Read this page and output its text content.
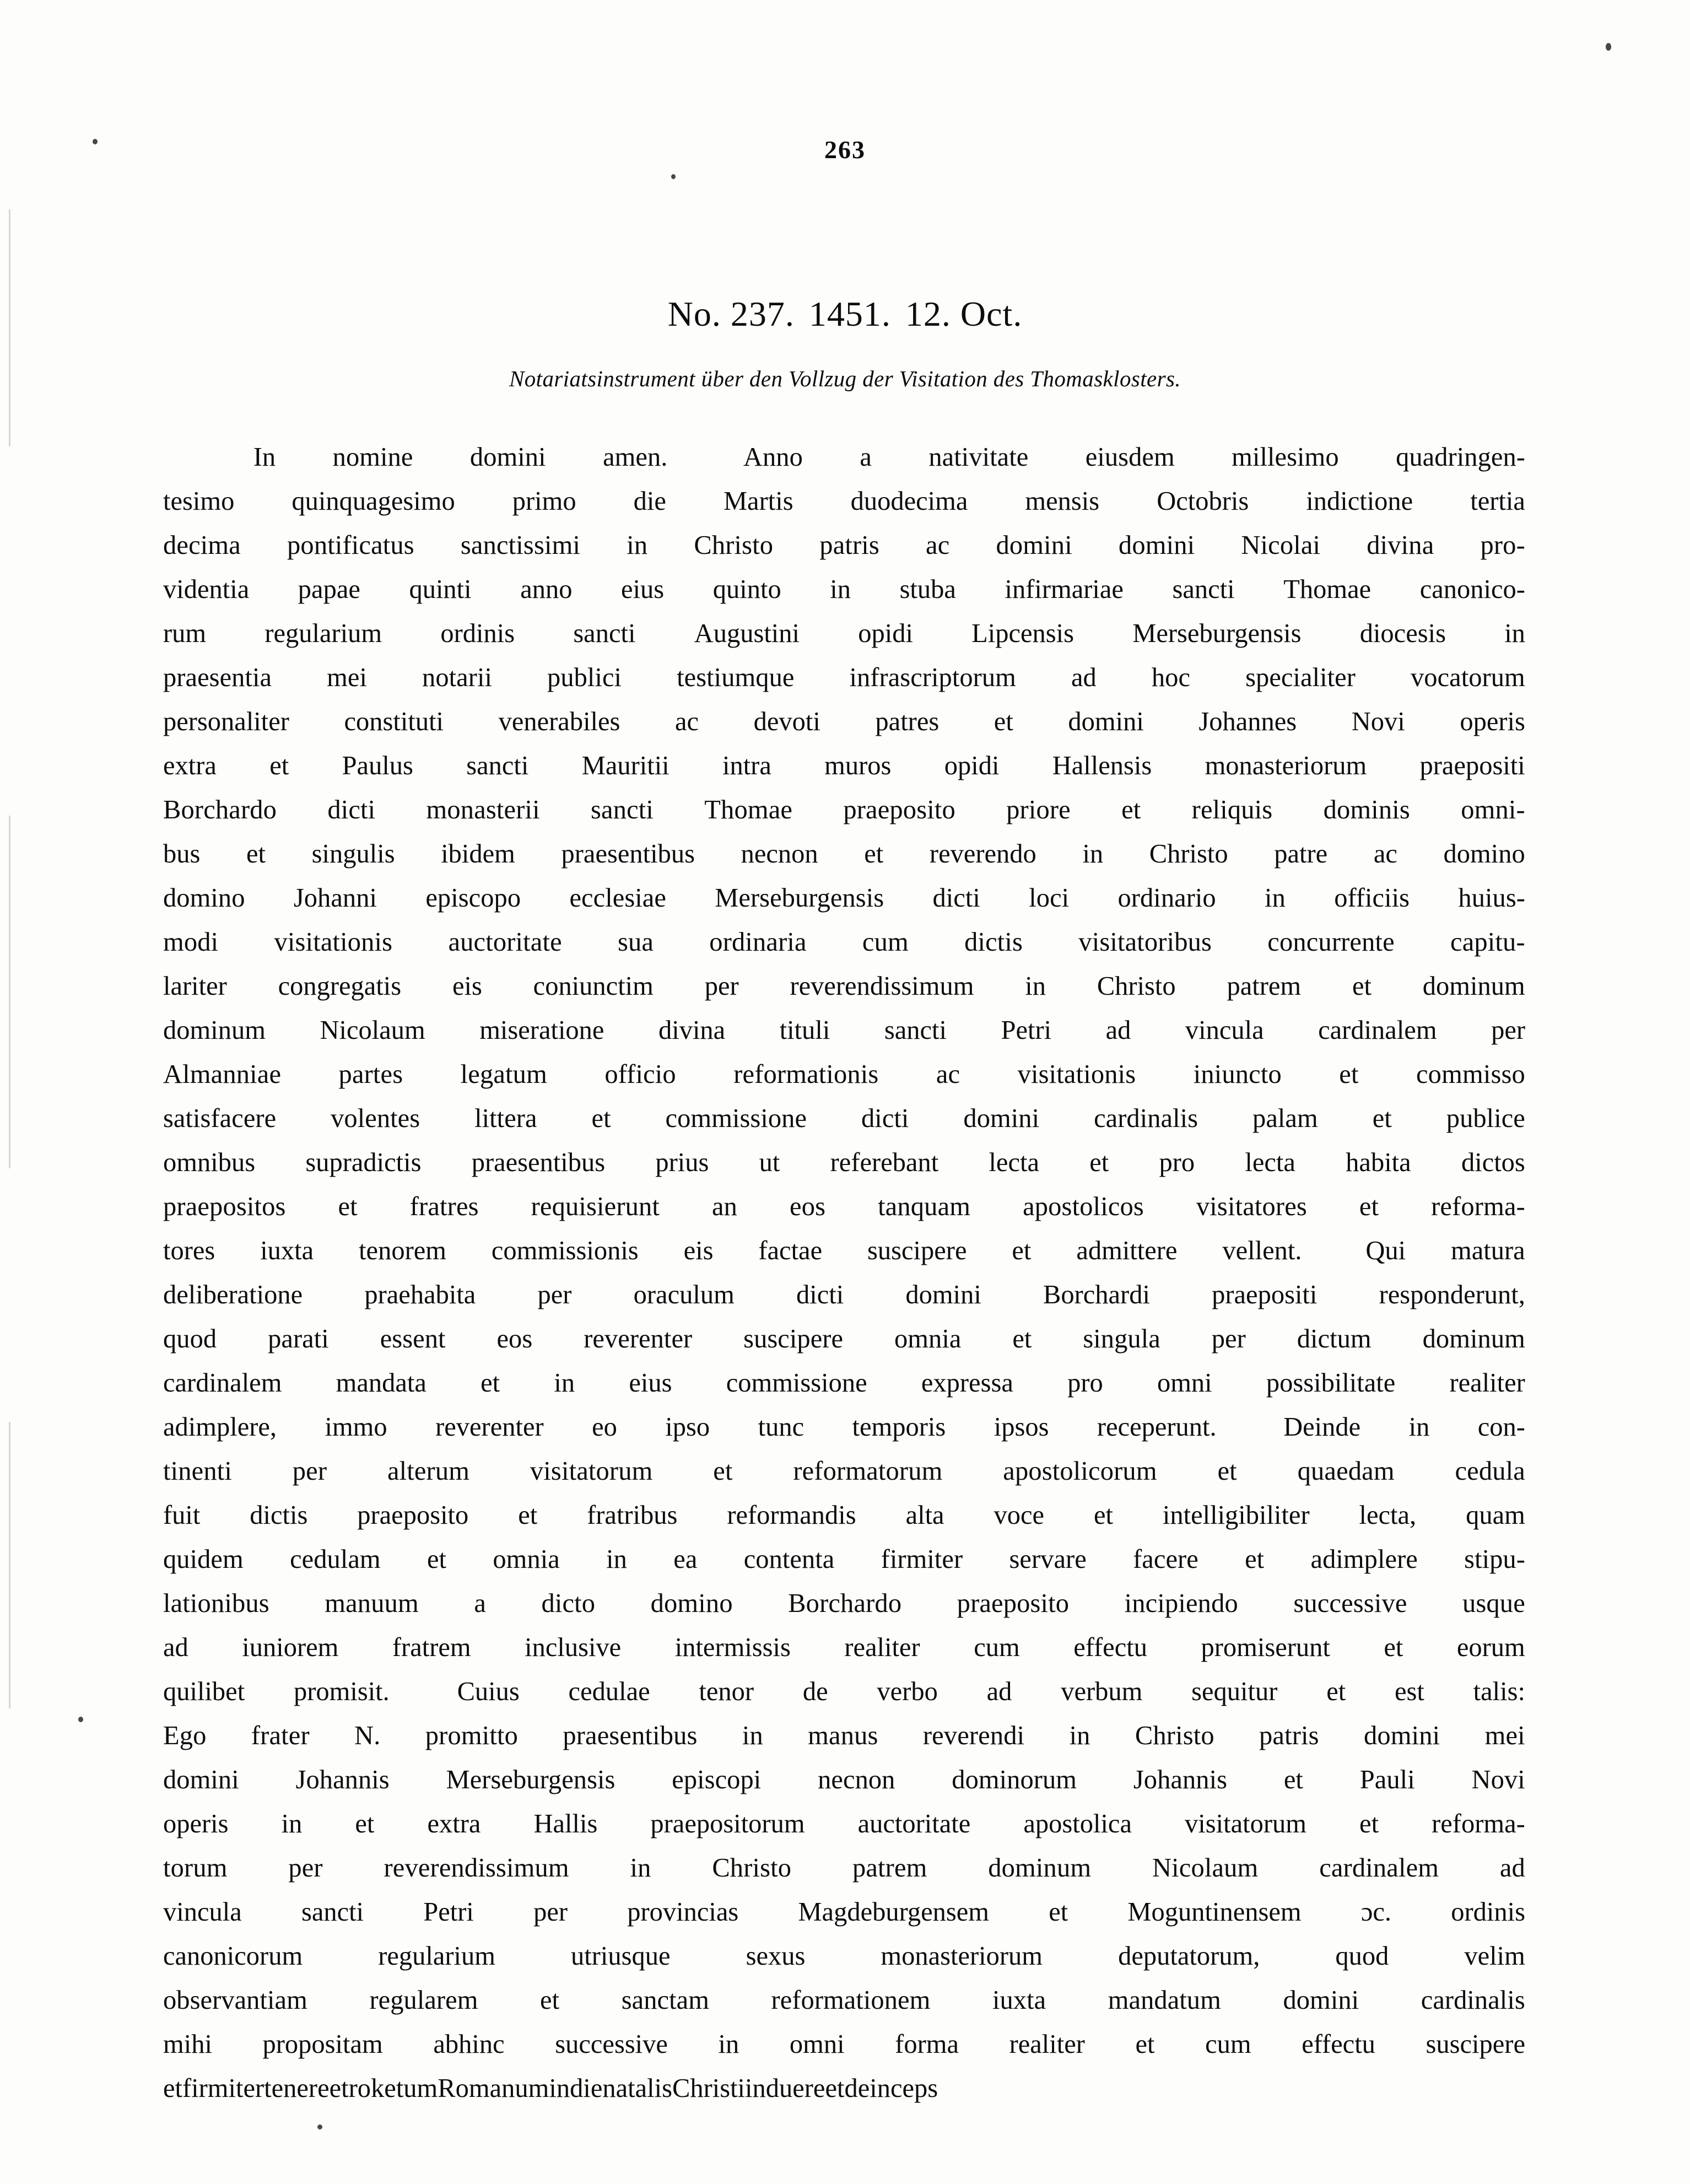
263
No. 237. 1451. 12. Oct.
Notariatsinstrument über den Vollzug der Visitation des Thomasklosters.
In nomine domini amen.	Anno a nativitate eiusdem millesimo quadringen-
tesimo quinquagesimo primo die Martis duodecima mensis Octobris indictione tertia
decima pontificatus sanctissimi in Christo patris ac domini domini Nicolai divina pro-
videntia papae quinti anno eius quinto in stuba infirmariae sancti Thomae canonico-
rum regularium ordinis sancti Augustini opidi Lipcensis Merseburgensis diocesis in
praesentia mei notarii publici testiumque infrascriptorum ad hoc specialiter vocatorum
personaliter constituti venerabiles ac devoti patres et domini Johannes Novi operis
extra et Paulus sancti Mauritii intra muros opidi Hallensis monasteriorum praepositi
Borchardo dicti monasterii sancti Thomae praeposito priore et reliquis dominis omni-
bus et singulis ibidem praesentibus necnon et reverendo in Christo patre ac domino
domino Johanni episcopo ecclesiae Merseburgensis dicti loci ordinario in officiis huius-
modi visitationis auctoritate sua ordinaria cum dictis visitatoribus concurrente capitu-
lariter congregatis eis coniunctim per reverendissimum in Christo patrem et dominum
dominum Nicolaum miseratione divina tituli sancti Petri ad vincula cardinalem per
Almanniae partes legatum officio reformationis ac visitationis iniuncto et commisso
satisfacere volentes littera et commissione dicti domini cardinalis palam et publice
omnibus supradictis praesentibus prius ut referebant lecta et pro lecta habita dictos
praepositos et fratres requisierunt an eos tanquam apostolicos visitatores et reforma-
tores iuxta tenorem commissionis eis factae suscipere et admittere vellent. Qui matura
deliberatione praehabita per oraculum dicti domini Borchardi praepositi responderunt,
quod parati essent eos reverenter suscipere omnia et singula per dictum dominum
cardinalem mandata et in eius commissione expressa pro omni possibilitate realiter
adimplere, immo reverenter eo ipso tunc temporis ipsos receperunt.	Deinde in con-
tinenti per alterum visitatorum et reformatorum apostolicorum et quaedam cedula
fuit dictis praeposito et fratribus reformandis alta voce et intelligibiliter lecta, quam
quidem cedulam et omnia in ea contenta firmiter servare facere et adimplere stipu-
lationibus manuum a dicto domino Borchardo praeposito incipiendo successive usque
ad iuniorem fratrem inclusive intermissis realiter cum effectu promiserunt et eorum
quilibet promisit.	Cuius cedulae tenor de verbo ad verbum sequitur et est talis:
Ego frater N. promitto praesentibus in manus reverendi in Christo patris domini mei
domini Johannis Merseburgensis episcopi necnon dominorum Johannis et Pauli Novi
operis in et extra Hallis praepositorum auctoritate apostolica visitatorum et reforma-
torum per reverendissimum in Christo patrem dominum Nicolaum cardinalem ad
vincula sancti Petri per provincias Magdeburgensem et Moguntinensem ɔc. ordinis
canonicorum	regularium	utriusque	sexus	monasteriorum	deputatorum,	quod	velim
observantiam regularem et sanctam reformationem iuxta mandatum domini cardinalis
mihi propositam abhinc successive in omni forma realiter et cum effectu suscipere
et firmiter tenere et roketum Romanum in die natalis Christi induere et deinceps
